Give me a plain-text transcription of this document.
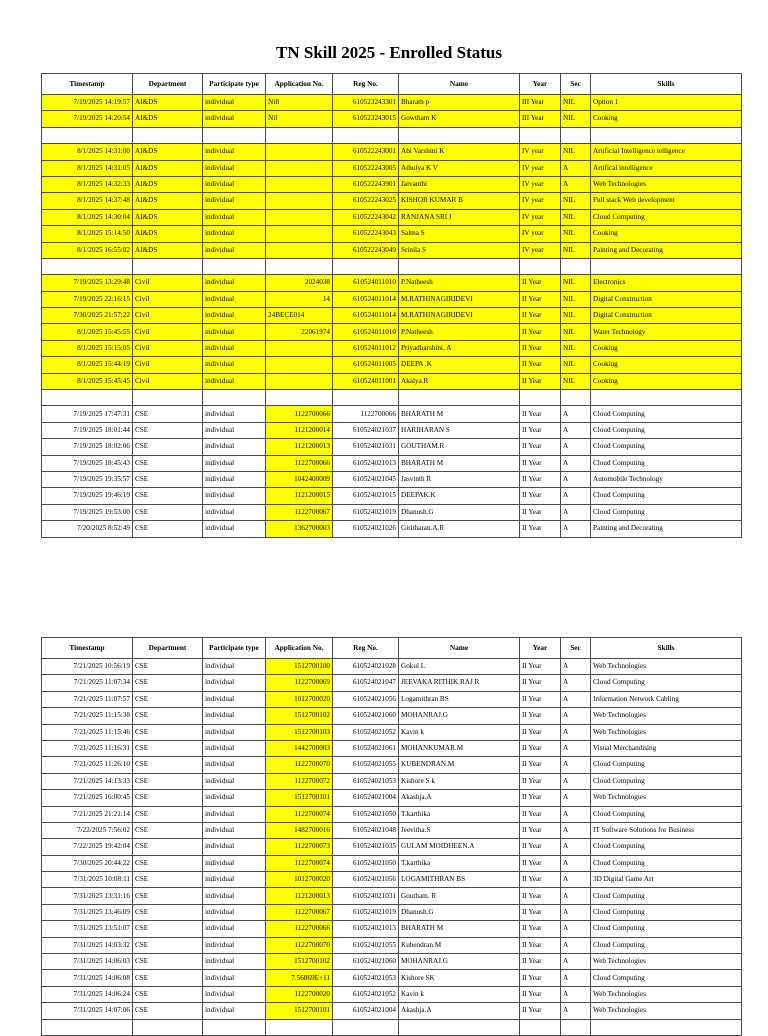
TN Skill 2025 - Enrolled Status
Timestamp	Department	Participate type	Application No.	Reg No.	Name	Year	Sec	Skills
7/19/2025 14:19:57	AI&DS	individual	Nill	610523243301	Bharath p	III Year	NIL	Option 1
7/19/2025 14:20:54	AI&DS	individual	Nil	610523243015	Gowtham K	III Year	NIL	Cooking

8/1/2025 14:31:00	AI&DS	individual		610522243001	Abi Varshini K	IV year	NIL	Artificial Intelligence telligence
8/1/2025 14:31:05	AI&DS	individual		610522243005	Athulya K V	IV year	A	Artifical intelligence
8/1/2025 14:32:33	AI&DS	individual		610522243901	Jaivanthi	IV year	A	Web Technologies
8/1/2025 14:37:48	AI&DS	individual		610522243025	KISHOR KUMAR B	IV year	NIL	Full stack Web development
8/1/2025 14:30:04	AI&DS	individual		610522243042	RANJANA SRI J	IV year	NIL	Cloud Computing
8/1/2025 15:14:50	AI&DS	individual		610522243043	Salma S	IV year	NIL	Cooking
8/1/2025 16:55:02	AI&DS	individual		610522243049	Srinila S	IV year	NIL	Painting and Decorating

7/19/2025 13:29:48	Civil	individual	2024038	610524011010	P.Natheesh	II Year	NIL	Electronics
7/19/2025 22:16:15	Civil	individual	14	610524011014	M.RATHINAGIRIDEVI	II Year	NIL	Digital Construction
7/30/2025 21:57:22	Civil	individual	24BECE014	610524011014	M.RATHINAGIRIDEVI	II Year	NIL	Digital Construction
8/1/2025 15:45:55	Civil	individual	22061974	610524011010	P.Natheesh	II Year	NIL	Water Technology
8/1/2025 15:15:05	Civil	individual		610524011012	Priyadharshini. A	II Year	NIL	Cooking
8/1/2025 15:44:19	Civil	individual		610524011005	DEEPA .K	II Year	NIL	Cooking
8/1/2025 15:45:45	Civil	individual		610524011001	Akalya.R	II Year	NIL	Cooking

7/19/2025 17:47:31	CSE	individual	1122700066	1122700066	BHARATH M	II Year	A	Cloud Computing
7/19/2025 18:01:44	CSE	individual	1121200014	610524021037	HARIHARAN S	II Year	A	Cloud Computing
7/19/2025 18:02:06	CSE	individual	1121200013	610524021031	GOUTHAM.R	II Year	A	Cloud Computing
7/19/2025 18:45:43	CSE	individual	1122700066	610524021013	BHARATH M	II Year	A	Cloud Computing
7/19/2025 19:35:57	CSE	individual	1042400009	610524021045	Jasvinth R	II Year	A	Automobile Technology
7/19/2025 19:46:19	CSE	individual	1121200015	610524021015	DEEPAK.K	II Year	A	Cloud Computing
7/19/2025 19:53:00	CSE	individual	1122700067	610524021019	Dhanush.G	II Year	A	Cloud Computing
7/20/2025 8:52:49	CSE	individual	1362700003	610524021026	Giritharan.A.R	II Year	A	Painting and Decorating
Timestamp	Department	Participate type	Application No.	Reg No.	Name	Year	Sec	Skills
7/21/2025 10:56:19	CSE	individual	1512700100	610524021028	Gokul L	II Year	A	Web Technologies
7/21/2025 11:07:34	CSE	individual	1122700069	610524021047	JEEVAKA RITHIK RAJ R	II Year	A	Cloud Computing
7/21/2025 11:07:57	CSE	individual	1012700020	610524021056	Logamithran BS	II Year	A	Information Network Cabling
7/21/2025 11:15:38	CSE	individual	1512700102	610524021060	MOHANRAJ.G	II Year	A	Web Technologies
7/21/2025 11:15:46	CSE	individual	1512700103	610524021052	Kavin k	II Year	A	Web Technologies
7/21/2025 11:16:31	CSE	individual	1442700003	610524021061	MOHANKUMAR.M	II Year	A	Visual Merchandising
7/21/2025 11:26:10	CSE	individual	1122700070	610524021055	KUBENDRAN.M	II Year	A	Cloud Computing
7/21/2025 14:13:33	CSE	individual	1122700072	610524021053	Kishore S k	II Year	A	Cloud Computing
7/21/2025 16:00:45	CSE	individual	1512700101	610524021004	Akashja.A	II Year	A	Web Technologies
7/21/2025 21:21:14	CSE	individual	1122700074	610524021050	T.karthika	II Year	A	Cloud Computing
7/22/2025 7:56:02	CSE	individual	1482700016	610524021048	Jeevitha.S	II Year	A	IT Software Solutions for Business
7/22/2025 19:42:04	CSE	individual	1122700073	610524021035	GULAM MOIDHEEN.A	II Year	A	Cloud Computing
7/30/2025 20:44:22	CSE	individual	1122700074	610524021050	T.karthika	II Year	A	Cloud Computing
7/31/2025 10:08:11	CSE	individual	1012700020	610524021056	LOGAMITHRAN BS	II Year	A	3D Digital Game Art
7/31/2025 13:31:16	CSE	individual	1121200013	610524021031	Goutham. R	II Year	A	Cloud Computing
7/31/2025 13:46:09	CSE	individual	1122700067	610524021019	Dhanush.G	II Year	A	Cloud Computing
7/31/2025 13:51:07	CSE	individual	1122700066	610524021013	BHARATH M	II Year	A	Cloud Computing
7/31/2025 14:03:32	CSE	individual	1122700070	610524021055	Kubendran.M	II Year	A	Cloud Computing
7/31/2025 14:06:03	CSE	individual	1512700102	610524021060	MOHANRAJ.G	II Year	A	Web Technologies
7/31/2025 14:06:08	CSE	individual	7.56869E+11	610524021053	Kishore SK	II Year	A	Cloud Computing
7/31/2025 14:06:24	CSE	individual	1122700020	610524021052	Kavin k	II Year	A	Web Technologies
7/31/2025 14:07:06	CSE	individual	1512700101	610524021004	Akashja.A	II Year	A	Web Technologies
